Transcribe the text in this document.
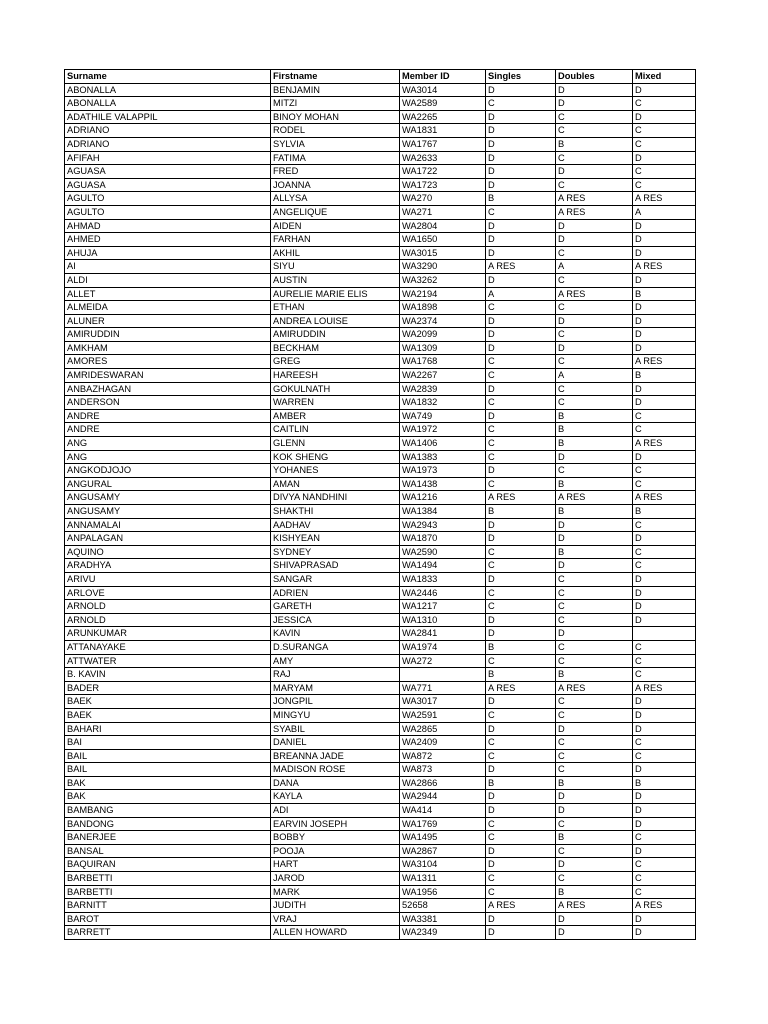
Surname	Firstname	Member ID	Singles	Doubles	Mixed
ABONALLA	BENJAMIN	WA3014	D	D	D
ABONALLA	MITZI	WA2589	C	D	C
ADATHILE VALAPPIL	BINOY MOHAN	WA2265	D	C	D
ADRIANO	RODEL	WA1831	D	C	C
ADRIANO	SYLVIA	WA1767	D	B	C
AFIFAH	FATIMA	WA2633	D	C	D
AGUASA	FRED	WA1722	D	D	C
AGUASA	JOANNA	WA1723	D	C	C
AGULTO	ALLYSA	WA270	B	A RES	A RES
AGULTO	ANGELIQUE	WA271	C	A RES	A
AHMAD	AIDEN	WA2804	D	D	D
AHMED	FARHAN	WA1650	D	D	D
AHUJA	AKHIL	WA3015	D	C	D
AI	SIYU	WA3290	A RES	A	A RES
ALDI	AUSTIN	WA3262	D	C	D
ALLET	AURELIE MARIE ELIS	WA2194	A	A RES	B
ALMEIDA	ETHAN	WA1898	C	C	D
ALUNER	ANDREA LOUISE	WA2374	D	D	D
AMIRUDDIN	AMIRUDDIN	WA2099	D	C	D
AMKHAM	BECKHAM	WA1309	D	D	D
AMORES	GREG	WA1768	C	C	A RES
AMRIDESWARAN	HAREESH	WA2267	C	A	B
ANBAZHAGAN	GOKULNATH	WA2839	D	C	D
ANDERSON	WARREN	WA1832	C	C	D
ANDRE	AMBER	WA749	D	B	C
ANDRE	CAITLIN	WA1972	C	B	C
ANG	GLENN	WA1406	C	B	A RES
ANG	KOK SHENG	WA1383	C	D	D
ANGKODJOJO	YOHANES	WA1973	D	C	C
ANGURAL	AMAN	WA1438	C	B	C
ANGUSAMY	DIVYA NANDHINI	WA1216	A RES	A RES	A RES
ANGUSAMY	SHAKTHI	WA1384	B	B	B
ANNAMALAI	AADHAV	WA2943	D	D	C
ANPALAGAN	KISHYEAN	WA1870	D	D	D
AQUINO	SYDNEY	WA2590	C	B	C
ARADHYA	SHIVAPRASAD	WA1494	C	D	C
ARIVU	SANGAR	WA1833	D	C	D
ARLOVE	ADRIEN	WA2446	C	C	D
ARNOLD	GARETH	WA1217	C	C	D
ARNOLD	JESSICA	WA1310	D	C	D
ARUNKUMAR	KAVIN	WA2841	D	D	
ATTANAYAKE	D.SURANGA	WA1974	B	C	C
ATTWATER	AMY	WA272	C	C	C
B. KAVIN	RAJ		B	B	C
BADER	MARYAM	WA771	A RES	A RES	A RES
BAEK	JONGPIL	WA3017	D	C	D
BAEK	MINGYU	WA2591	C	C	D
BAHARI	SYABIL	WA2865	D	D	D
BAI	DANIEL	WA2409	C	C	C
BAIL	BREANNA JADE	WA872	C	C	C
BAIL	MADISON ROSE	WA873	D	C	D
BAK	DANA	WA2866	B	B	B
BAK	KAYLA	WA2944	D	D	D
BAMBANG	ADI	WA414	D	D	D
BANDONG	EARVIN JOSEPH	WA1769	C	C	D
BANERJEE	BOBBY	WA1495	C	B	C
BANSAL	POOJA	WA2867	D	C	D
BAQUIRAN	HART	WA3104	D	D	C
BARBETTI	JAROD	WA1311	C	C	C
BARBETTI	MARK	WA1956	C	B	C
BARNITT	JUDITH	52658	A RES	A RES	A RES
BAROT	VRAJ	WA3381	D	D	D
BARRETT	ALLEN HOWARD	WA2349	D	D	D
